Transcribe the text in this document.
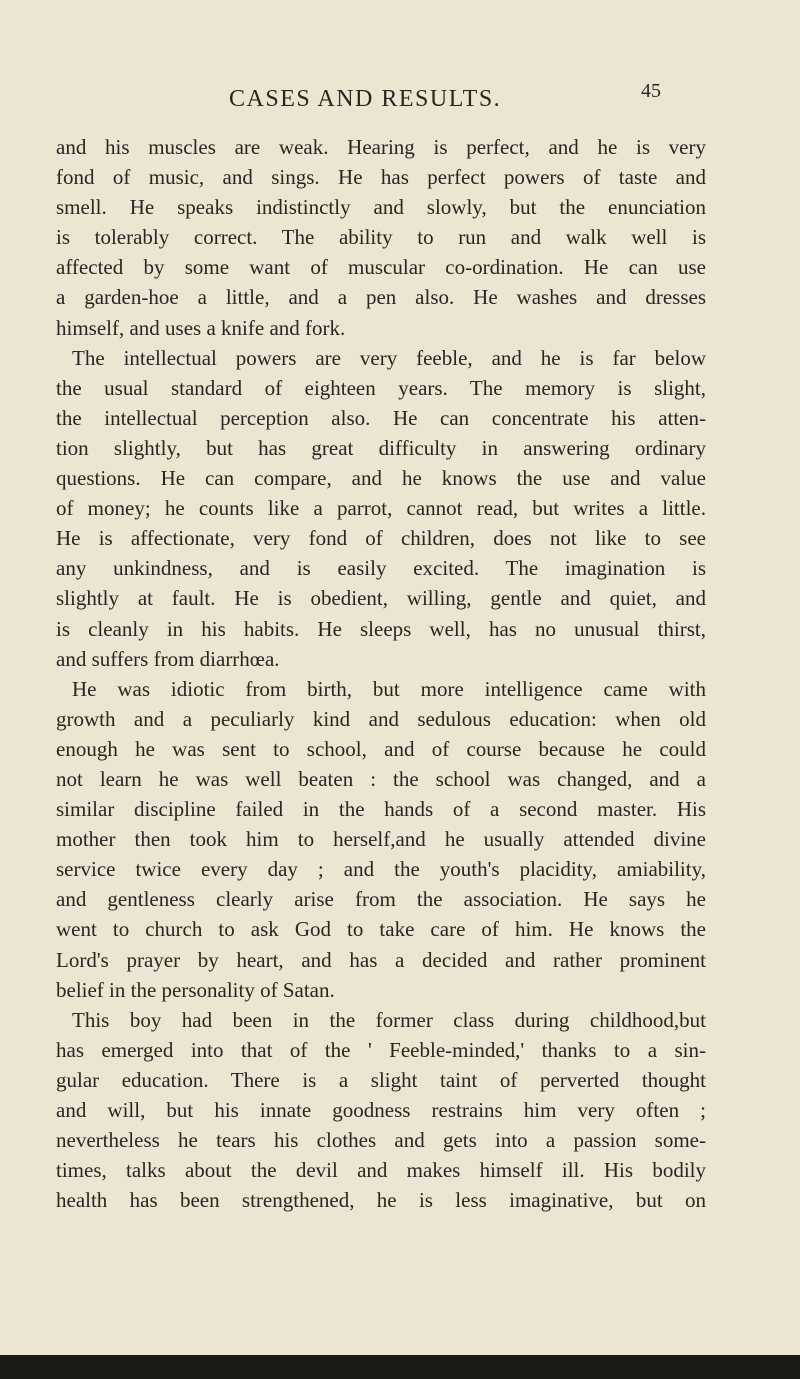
CASES AND RESULTS.	45
and his muscles are weak. Hearing is perfect, and he is very
fond of music, and sings. He has perfect powers of taste and
smell. He speaks indistinctly and slowly, but the enunciation
is tolerably correct. The ability to run and walk well is
affected by some want of muscular co-ordination. He can use
a garden-hoe a little, and a pen also. He washes and dresses
himself, and uses a knife and fork.
The intellectual powers are very feeble, and he is far below
the usual standard of eighteen years. The memory is slight,
the intellectual perception also. He can concentrate his atten-
tion slightly, but has great difficulty in answering ordinary
questions. He can compare, and he knows the use and value
of money; he counts like a parrot, cannot read, but writes a little.
He is affectionate, very fond of children, does not like to see
any unkindness, and is easily excited. The imagination is
slightly at fault. He is obedient, willing, gentle and quiet, and
is cleanly in his habits. He sleeps well, has no unusual thirst,
and suffers from diarrhœa.
He was idiotic from birth, but more intelligence came with
growth and a peculiarly kind and sedulous education: when old
enough he was sent to school, and of course because he could
not learn he was well beaten : the school was changed, and a
similar discipline failed in the hands of a second master. His
mother then took him to herself,and he usually attended divine
service twice every day ; and the youth's placidity, amiability,
and gentleness clearly arise from the association. He says he
went to church to ask God to take care of him. He knows the
Lord's prayer by heart, and has a decided and rather prominent
belief in the personality of Satan.
This boy had been in the former class during childhood,but
has emerged into that of the ' Feeble-minded,' thanks to a sin-
gular education. There is a slight taint of perverted thought
and will, but his innate goodness restrains him very often ;
nevertheless he tears his clothes and gets into a passion some-
times, talks about the devil and makes himself ill. His bodily
health has been strengthened, he is less imaginative, but on
